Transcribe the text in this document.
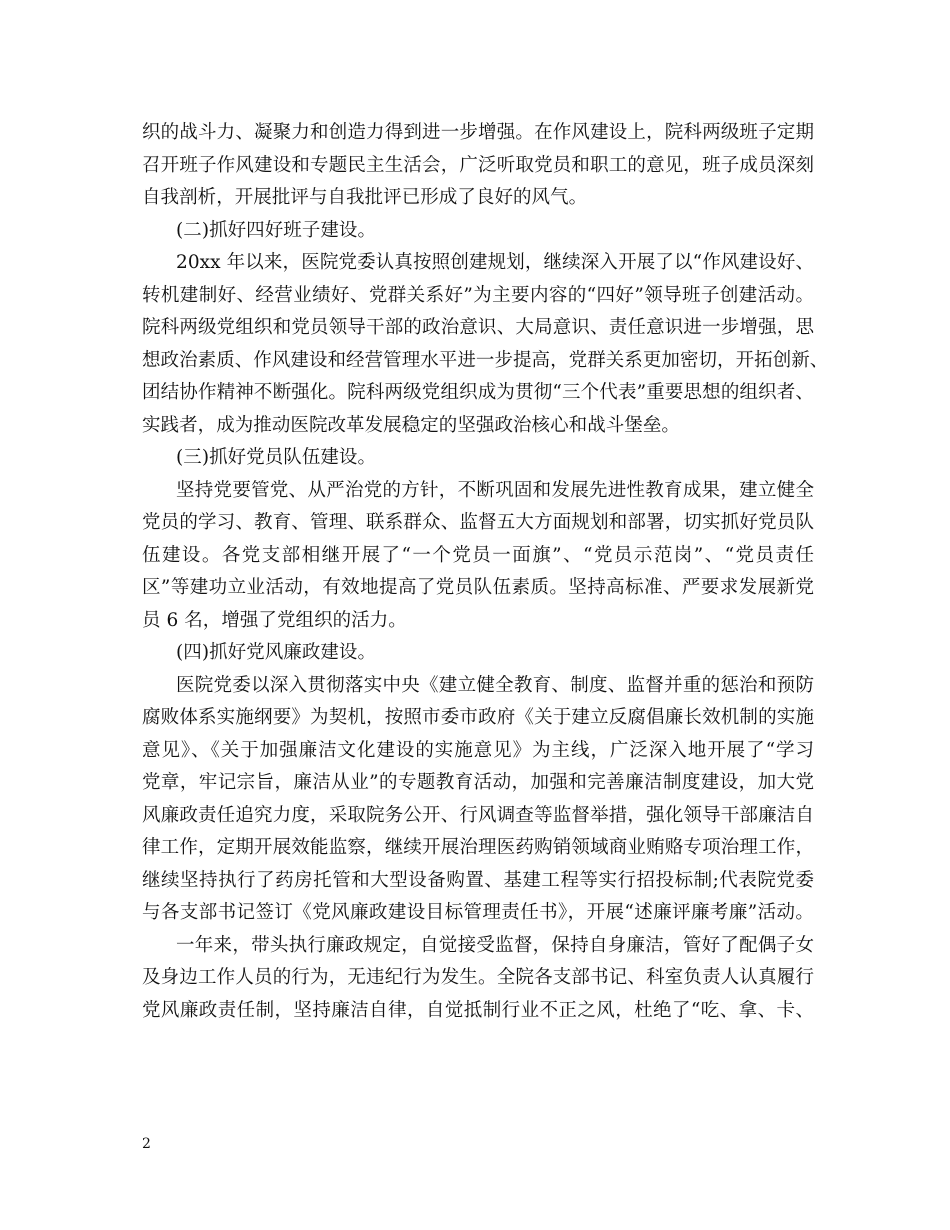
织的战斗力、凝聚力和创造力得到进一步增强。在作风建设上，院科两级班子定期
召开班子作风建设和专题民主生活会，广泛听取党员和职工的意见，班子成员深刻
自我剖析，开展批评与自我批评已形成了良好的风气。
(二)抓好四好班子建设。
20xx 年以来，医院党委认真按照创建规划，继续深入开展了以“作风建设好、
转机建制好、经营业绩好、党群关系好”为主要内容的“四好”领导班子创建活动。
院科两级党组织和党员领导干部的政治意识、大局意识、责任意识进一步增强，思
想政治素质、作风建设和经营管理水平进一步提高，党群关系更加密切，开拓创新、
团结协作精神不断强化。院科两级党组织成为贯彻“三个代表”重要思想的组织者、
实践者，成为推动医院改革发展稳定的坚强政治核心和战斗堡垒。
(三)抓好党员队伍建设。
坚持党要管党、从严治党的方针，不断巩固和发展先进性教育成果，建立健全
党员的学习、教育、管理、联系群众、监督五大方面规划和部署，切实抓好党员队
伍建设。各党支部相继开展了“一个党员一面旗”、“党员示范岗”、“党员责任
区”等建功立业活动，有效地提高了党员队伍素质。坚持高标准、严要求发展新党
员 6 名，增强了党组织的活力。
(四)抓好党风廉政建设。
医院党委以深入贯彻落实中央《建立健全教育、制度、监督并重的惩治和预防
腐败体系实施纲要》为契机，按照市委市政府《关于建立反腐倡廉长效机制的实施
意见》、《关于加强廉洁文化建设的实施意见》为主线，广泛深入地开展了“学习
党章，牢记宗旨，廉洁从业”的专题教育活动，加强和完善廉洁制度建设，加大党
风廉政责任追究力度，采取院务公开、行风调查等监督举措，强化领导干部廉洁自
律工作，定期开展效能监察，继续开展治理医药购销领域商业贿赂专项治理工作，
继续坚持执行了药房托管和大型设备购置、基建工程等实行招投标制;代表院党委
与各支部书记签订《党风廉政建设目标管理责任书》，开展“述廉评廉考廉”活动。
一年来，带头执行廉政规定，自觉接受监督，保持自身廉洁，管好了配偶子女
及身边工作人员的行为，无违纪行为发生。全院各支部书记、科室负责人认真履行
党风廉政责任制，坚持廉洁自律，自觉抵制行业不正之风，杜绝了“吃、拿、卡、
2
